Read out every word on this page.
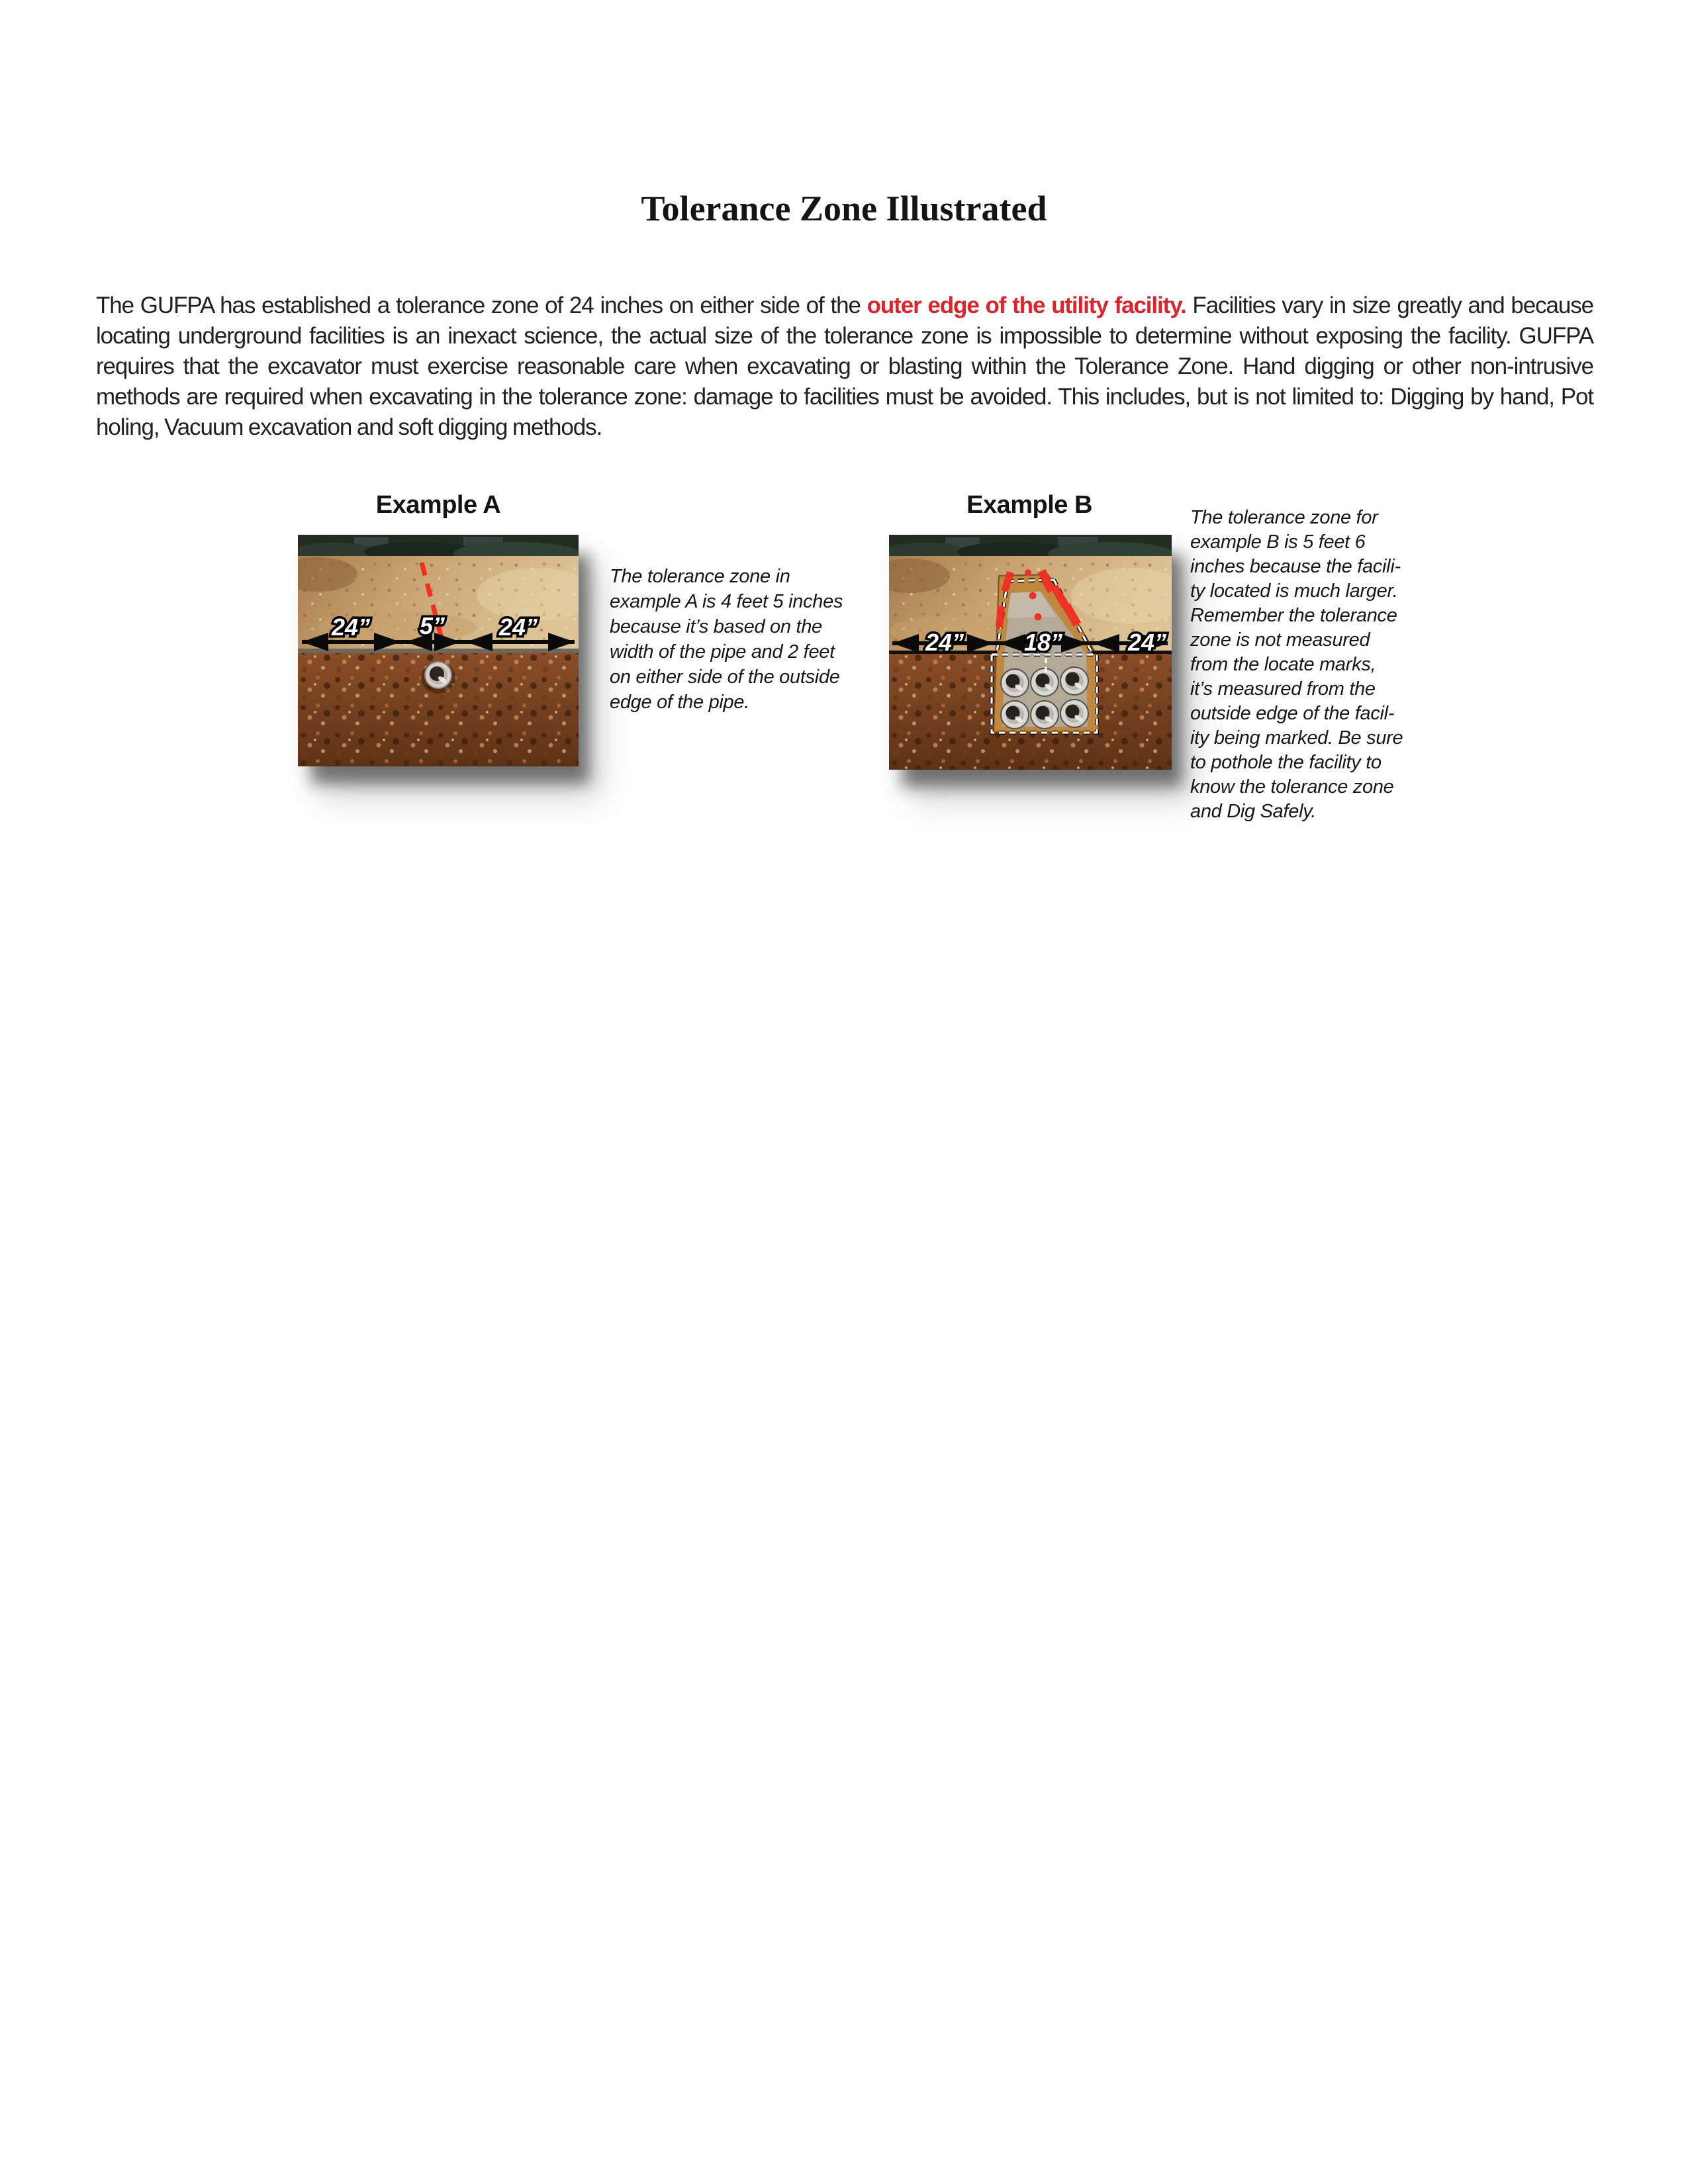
Tolerance Zone Illustrated

The GUFPA has established a tolerance zone of 24 inches on either side of the outer edge of the utility facility. Facilities vary in size greatly and because locating underground facilities is an inexact science, the actual size of the tolerance zone is impossible to determine without exposing the facility. GUFPA requires that the excavator must exercise reasonable care when excavating or blasting within the Tolerance Zone. Hand digging or other non-intrusive methods are required when excavating in the tolerance zone: damage to facilities must be avoided. This includes, but is not limited to: Digging by hand, Pot holing, Vacuum excavation and soft digging methods.

Example A	Example B
24” 5” 24”
24”	18”	24”
The tolerance zone in
example A is 4 feet 5 inches
because it’s based on the
width of the pipe and 2 feet
on either side of the outside
edge of the pipe.
The tolerance zone for
example B is 5 feet 6
inches because the facili-
ty located is much larger.
Remember the tolerance
zone is not measured
from the locate marks,
it’s measured from the
outside edge of the facil-
ity being marked. Be sure
to pothole the facility to
know the tolerance zone
and Dig Safely.
